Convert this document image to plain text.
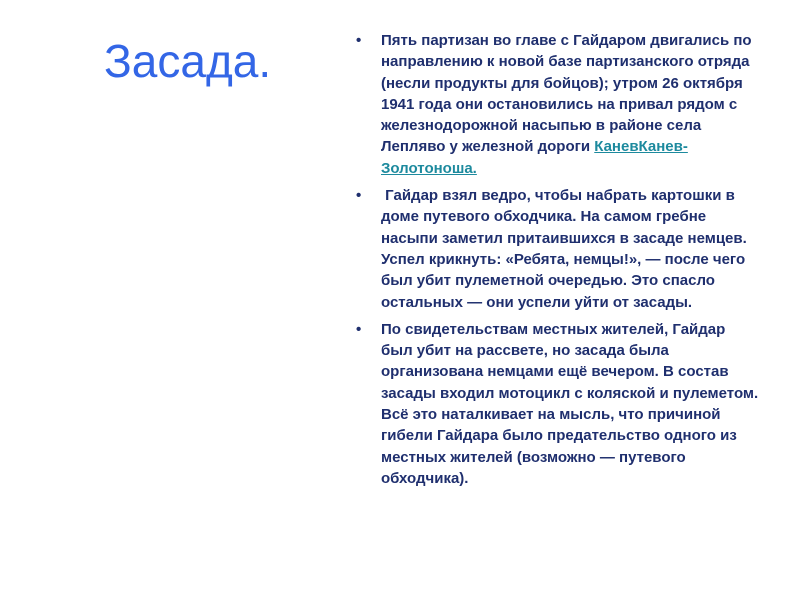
Засада.	• Пять партизан во главе с Гайдаром двигались по направлению к новой базе партизанского отряда (несли продукты для бойцов); утром 26 октября 1941 года они остановились на привал рядом с железнодорожной насыпью в районе села Лепляво у железной дороги КаневКанев-Золотоноша.
• Гайдар взял ведро, чтобы набрать картошки в доме путевого обходчика. На самом гребне насыпи заметил притаившихся в засаде немцев. Успел крикнуть: «Ребята, немцы!», — после чего был убит пулеметной очередью. Это спасло остальных — они успели уйти от засады.
• По свидетельствам местных жителей, Гайдар был убит на рассвете, но засада была организована немцами ещё вечером. В состав засады входил мотоцикл с коляской и пулеметом. Всё это наталкивает на мысль, что причиной гибели Гайдара было предательство одного из местных жителей (возможно — путевого обходчика).
